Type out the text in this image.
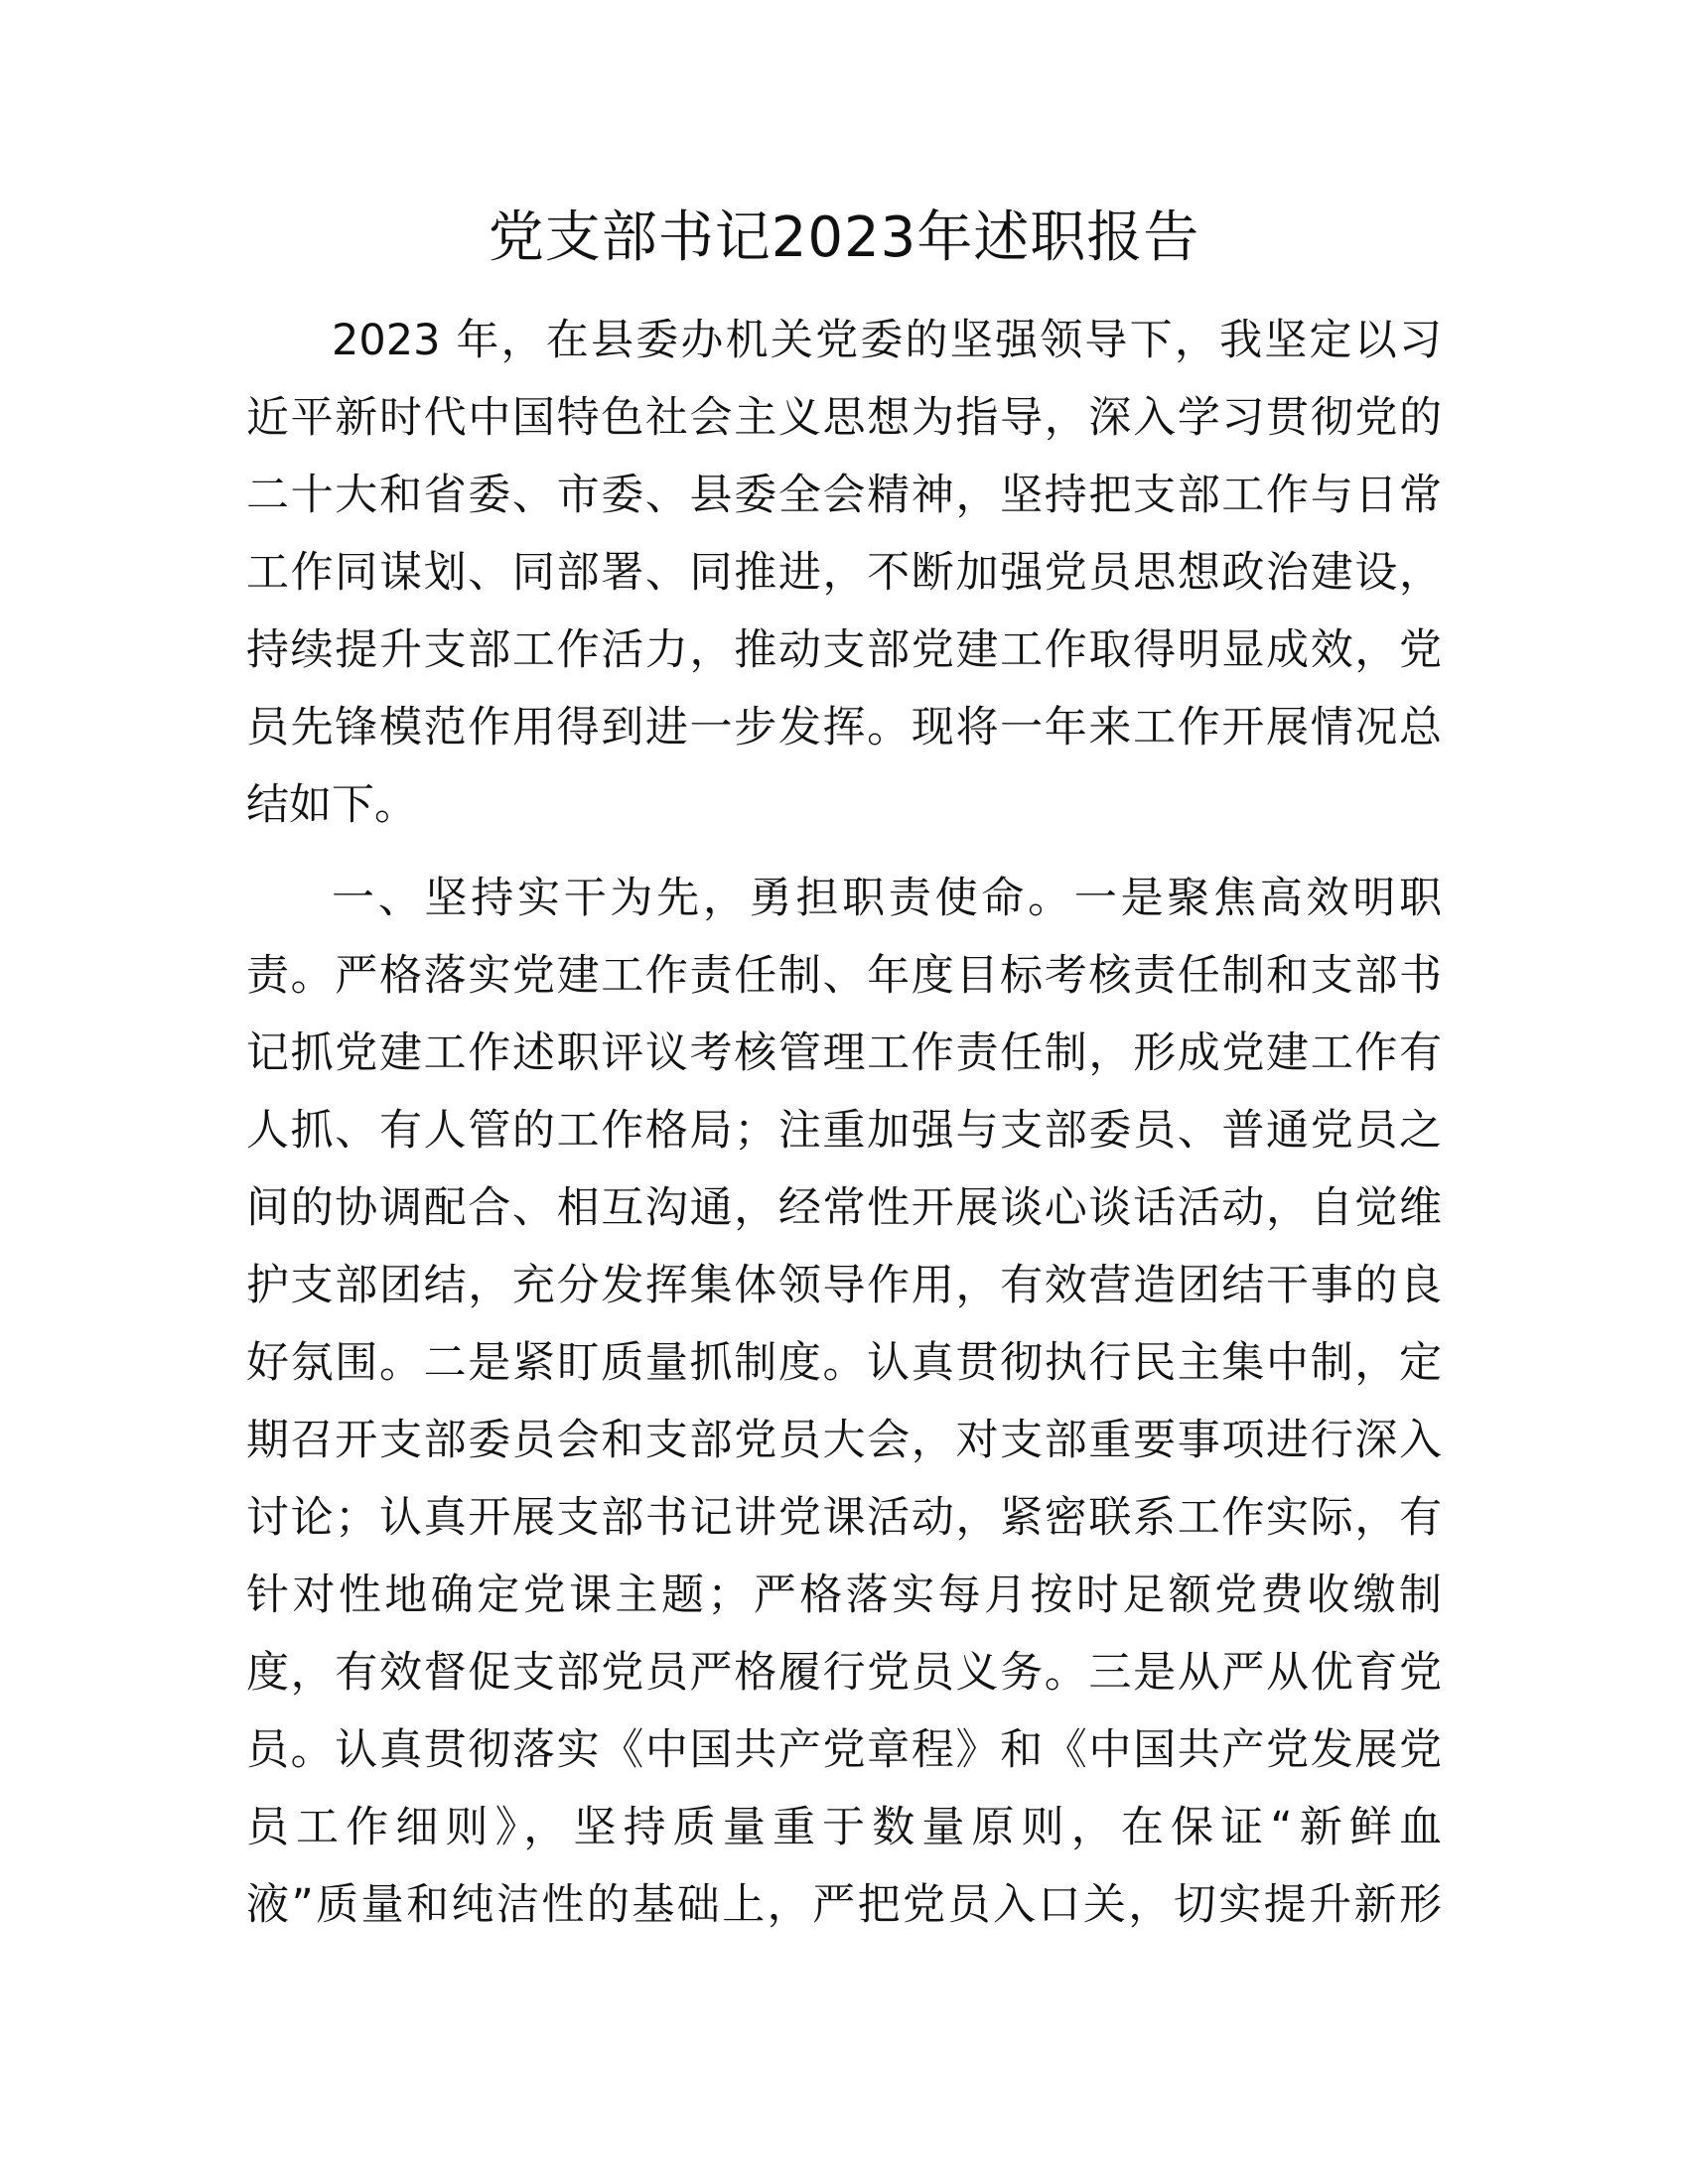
党支部书记2023年述职报告
2023 年，在县委办机关党委的坚强领导下，我坚定以习
近平新时代中国特色社会主义思想为指导，深入学习贯彻党的
二十大和省委、市委、县委全会精神，坚持把支部工作与日常
工作同谋划、同部署、同推进，不断加强党员思想政治建设，
持续提升支部工作活力，推动支部党建工作取得明显成效，党
员先锋模范作用得到进一步发挥。现将一年来工作开展情况总
结如下。
一、坚持实干为先，勇担职责使命。一是聚焦高效明职
责。严格落实党建工作责任制、年度目标考核责任制和支部书
记抓党建工作述职评议考核管理工作责任制，形成党建工作有
人抓、有人管的工作格局；注重加强与支部委员、普通党员之
间的协调配合、相互沟通，经常性开展谈心谈话活动，自觉维
护支部团结，充分发挥集体领导作用，有效营造团结干事的良
好氛围。二是紧盯质量抓制度。认真贯彻执行民主集中制，定
期召开支部委员会和支部党员大会，对支部重要事项进行深入
讨论；认真开展支部书记讲党课活动，紧密联系工作实际，有
针对性地确定党课主题；严格落实每月按时足额党费收缴制
度，有效督促支部党员严格履行党员义务。三是从严从优育党
员。认真贯彻落实《中国共产党章程》和《中国共产党发展党
员工作细则》，坚持质量重于数量原则，在保证“新鲜血
液”质量和纯洁性的基础上，严把党员入口关，切实提升新形
